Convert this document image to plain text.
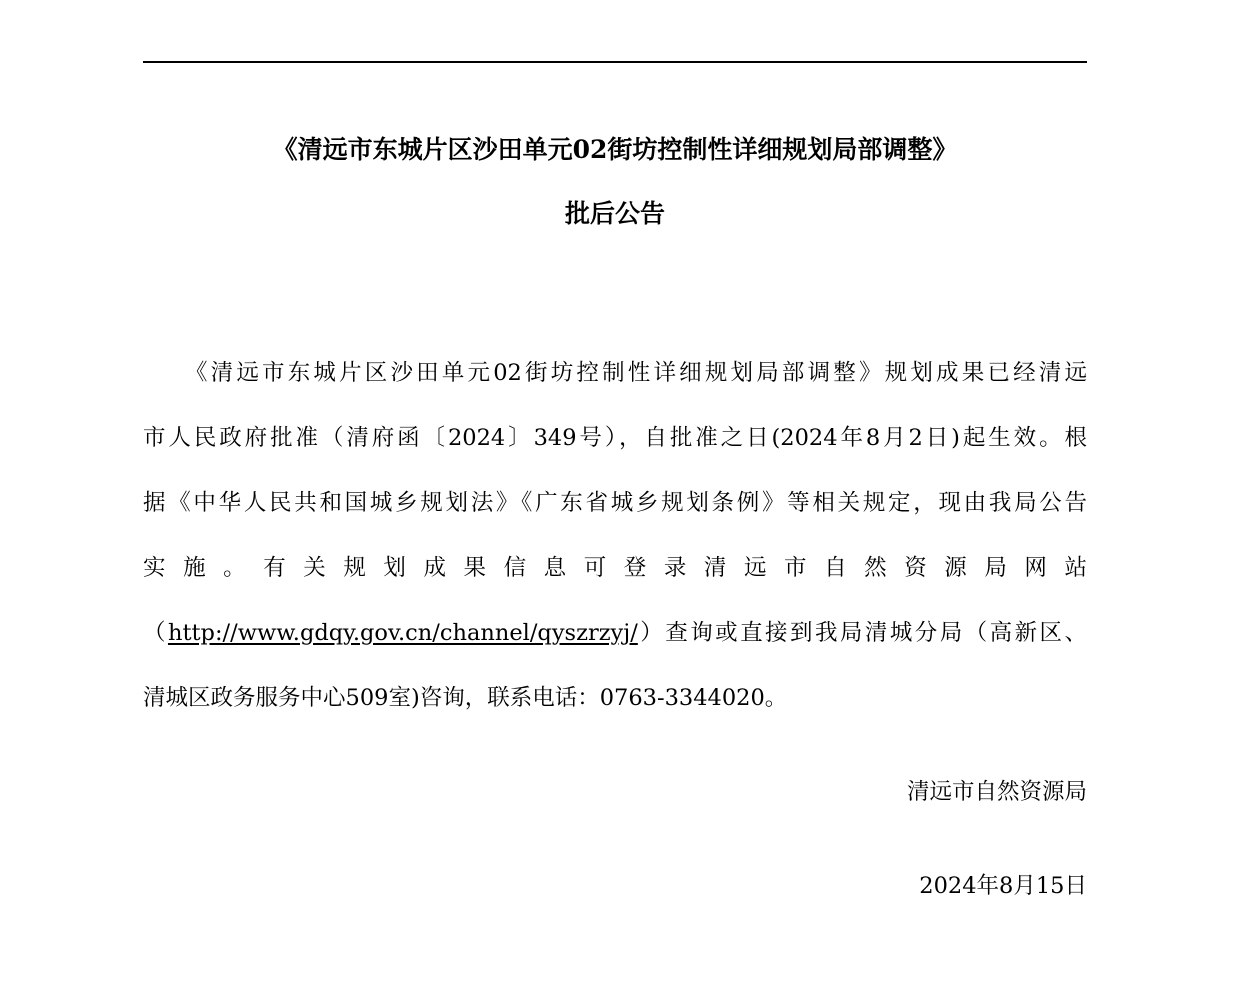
《清远市东城片区沙田单元02街坊控制性详细规划局部调整》
批后公告
《清远市东城片区沙田单元02街坊控制性详细规划局部调整》规划成果已经清远
市人民政府批准（清府函〔2024〕349号），自批准之日(2024年8月2日)起生效。根
据《中华人民共和国城乡规划法》《广东省城乡规划条例》等相关规定，现由我局公告
实施。有关规划成果信息可登录清远市自然资源局网站
（http://www.gdqy.gov.cn/channel/qyszrzyj/）查询或直接到我局清城分局（高新区、
清城区政务服务中心509室)咨询，联系电话：0763-3344020。
清远市自然资源局
2024年8月15日
